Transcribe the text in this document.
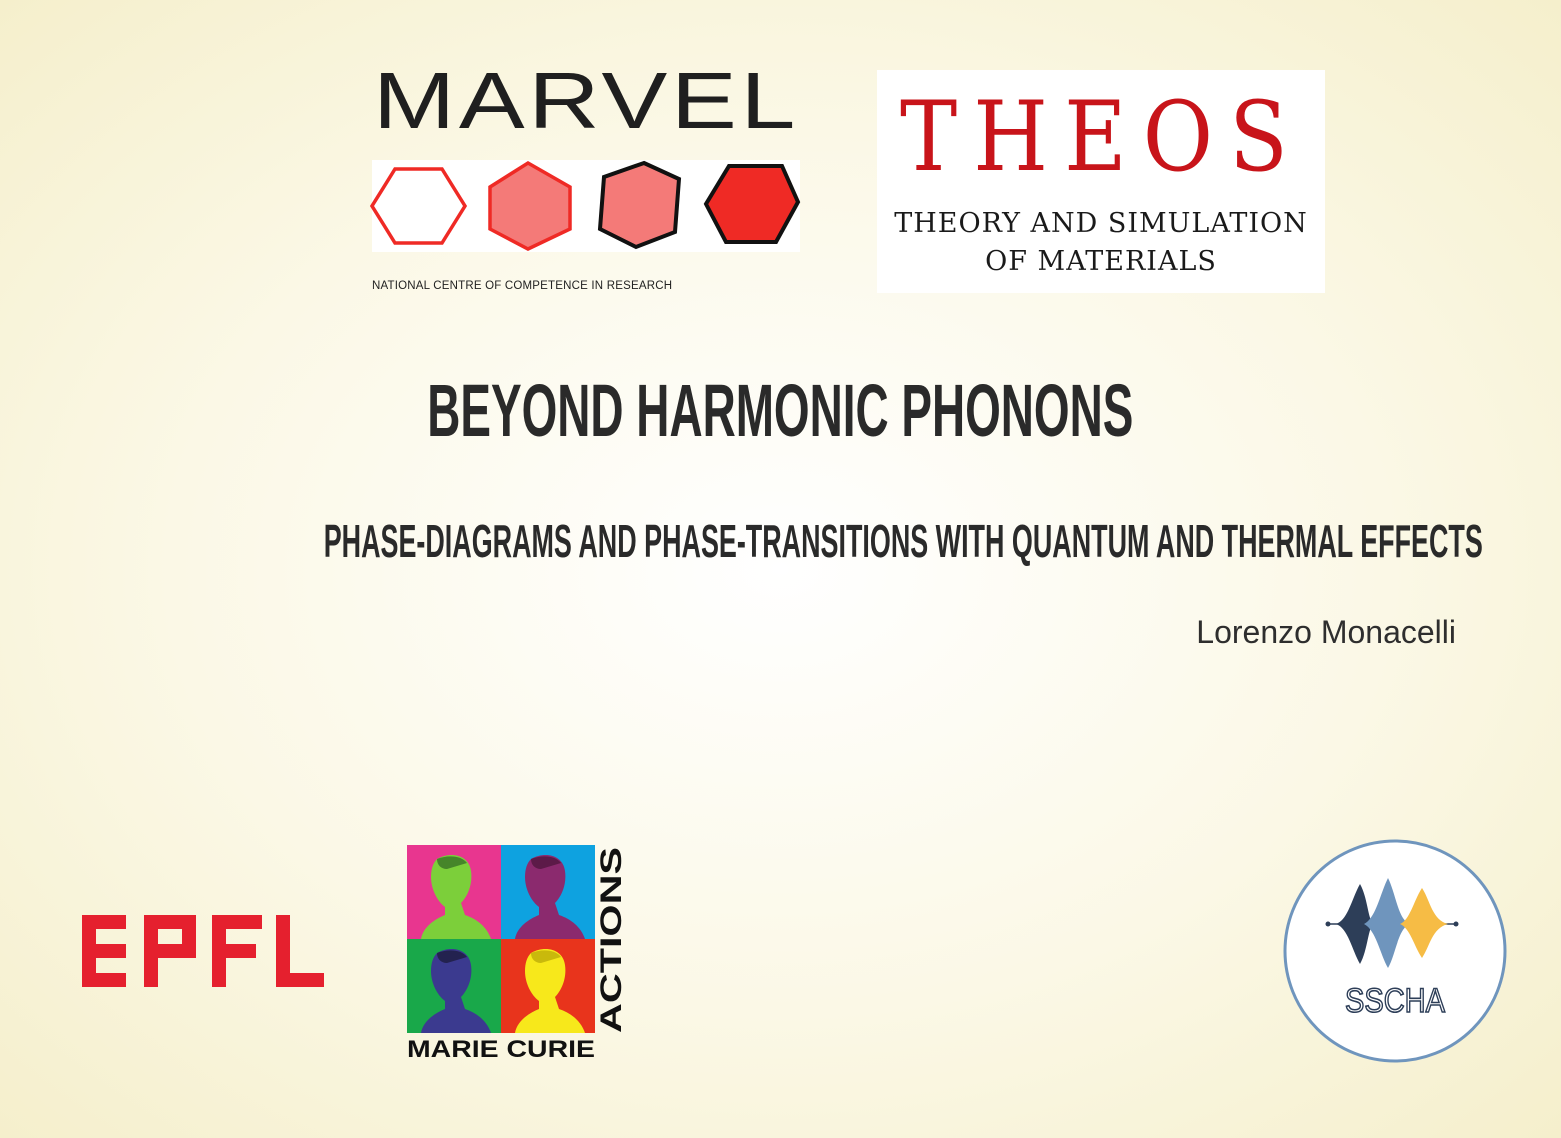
MARVEL
NATIONAL CENTRE OF COMPETENCE IN RESEARCH
THEOS
THEORY AND SIMULATION
OF MATERIALS
BEYOND HARMONIC PHONONS
PHASE-DIAGRAMS AND PHASE-TRANSITIONS WITH QUANTUM AND THERMAL EFFECTS
Lorenzo Monacelli
MARIE CURIE
ACTIONS	SSCHA
